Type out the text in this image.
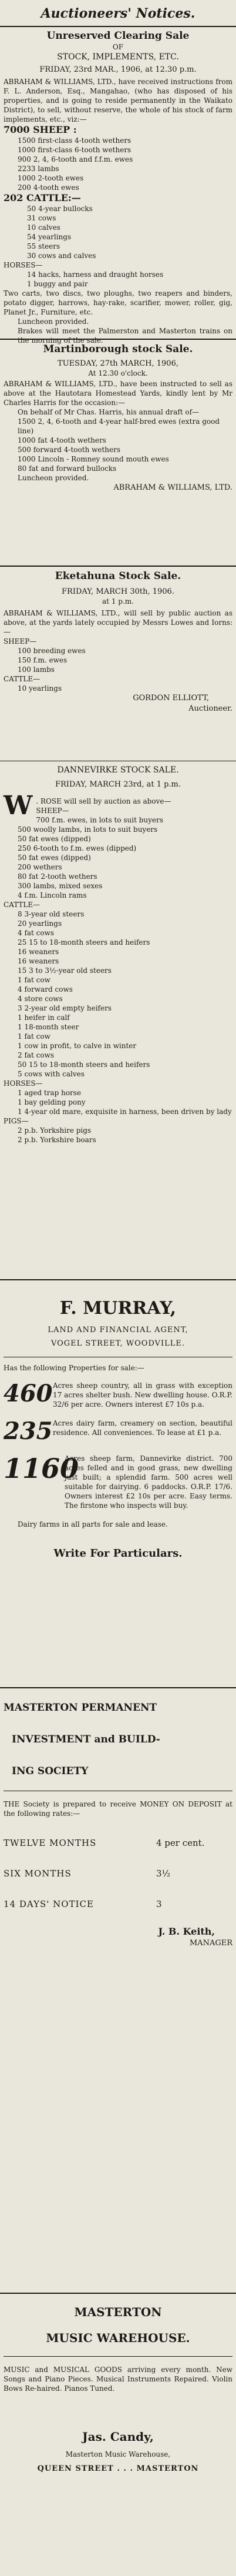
Auctioneers' Notices.

Unreserved Clearing Sale

OF

STOCK, IMPLEMENTS, ETC.

FRIDAY, 23rd MAR., 1906, at 12.30 p.m.

ABRAHAM & WILLIAMS, LTD., have received instructions from F. L. Anderson, Esq., Mangahao, (who has disposed of his properties, and is going to reside permanently in the Waikato District), to sell, without reserve, the whole of his stock of farm implements, etc., viz:—

7000 SHEEP :

1500 first-class 4-tooth wethers

1000 first-class 6-tooth wethers

900 2, 4, 6-tooth and f.f.m. ewes

2233 lambs

1000 2-tooth ewes

200 4-tooth ewes

202 CATTLE:—

50 4-year bullocks

31 cows

10 calves

54 yearlings

55 steers

30 cows and calves

HORSES—

14 hacks, harness and draught horses

1 buggy and pair

Two carts, two discs, two ploughs, two reapers and binders, potato digger, harrows, hay-rake, scarifier, mower, roller, gig, Planet Jr., Furniture, etc.

Luncheon provided.

Brakes will meet the Palmerston and Masterton trains on the morning of the sale.

Martinborough stock Sale.

TUESDAY, 27th MARCH, 1906,

At 12.30 o'clock.

ABRAHAM & WILLIAMS, LTD., have been instructed to sell as above at the Hautotara Homestead Yards, kindly lent by Mr Charles Harris for the occasion:—

On behalf of Mr Chas. Harris, his annual draft of—

1500 2, 4, 6-tooth and 4-year half-bred ewes (extra good line)

1000 fat 4-tooth wethers

500 forward 4-tooth wethers

1000 Lincoln - Romney sound mouth ewes

80 fat and forward bullocks

Luncheon provided.

ABRAHAM & WILLIAMS, LTD.

Eketahuna Stock Sale.

FRIDAY, MARCH 30th, 1906.

at 1 p.m.

ABRAHAM & WILLIAMS, LTD., will sell by public auction as above, at the yards lately occupied by Messrs Lowes and Iorns:—

SHEEP—

100 breeding ewes

150 f.m. ewes

100 lambs

CATTLE—

10 yearlings

GORDON ELLIOTT,

Auctioneer.

DANNEVIRKE STOCK SALE.

FRIDAY, MARCH 23rd, at 1 p.m.

W . ROSE will sell by auction as above—

SHEEP—

700 f.m. ewes, in lots to suit buyers

500 woolly lambs, in lots to suit buyers

50 fat ewes (dipped)

250 6-tooth to f.m. ewes (dipped)

50 fat ewes (dipped)

200 wethers

80 fat 2-tooth wethers

300 lambs, mixed sexes

4 f.m. Lincoln rams

CATTLE—

8 3-year old steers

20 yearlings

4 fat cows

25 15 to 18-month steers and heifers

16 weaners

16 weaners

15 3 to 3½-year old steers

1 fat cow

4 forward cows

4 store cows

3 2-year old empty heifers

1 heifer in calf

1 18-month steer

1 fat cow

1 cow in profit, to calve in winter

2 fat cows

50 15 to 18-month steers and heifers

5 cows with calves

HORSES—

1 aged trap horse

1 bay gelding pony

1 4-year old mare, exquisite in harness, been driven by lady

PIGS—

2 p.b. Yorkshire pigs

2 p.b. Yorkshire boars

F. MURRAY,

LAND AND FINANCIAL AGENT,

VOGEL STREET, WOODVILLE.

Has the following Properties for sale:—

460 Acres sheep country, all in grass with exception 17 acres shelter bush. New dwelling house. O.R.P. 32/6 per acre. Owners interest £7 10s p.a.

235 Acres dairy farm, creamery on section, beautiful residence. All conveniences. To lease at £1 p.a.

1160

Acres sheep farm, Dannevirke district. 700 acres felled and in good grass, new dwelling just built; a splendid farm. 500 acres well suitable for dairying. 6 paddocks. O.R.P. 17/6. Owners interest £2 10s per acre. Easy terms. The firstone who inspects will buy.

Dairy farms in all parts for sale and lease.

Write For Particulars.

MASTERTON PERMANENT

INVESTMENT and BUILD-

ING SOCIETY

THE Society is prepared to receive MONEY ON DEPOSIT at the following rates:—

TWELVE MONTHS	4 per cent.
SIX MONTHS	3½
14 DAYS' NOTICE	3

J. B. Keith,

MANAGER

MASTERTON

MUSIC WAREHOUSE.

MUSIC and MUSICAL GOODS arriving every month. New Songs and Piano Pieces. Musical Instruments Repaired. Violin Bows Re-haired. Pianos Tuned.

Jas. Candy,

Masterton Music Warehouse,

QUEEN STREET . . . MASTERTON
